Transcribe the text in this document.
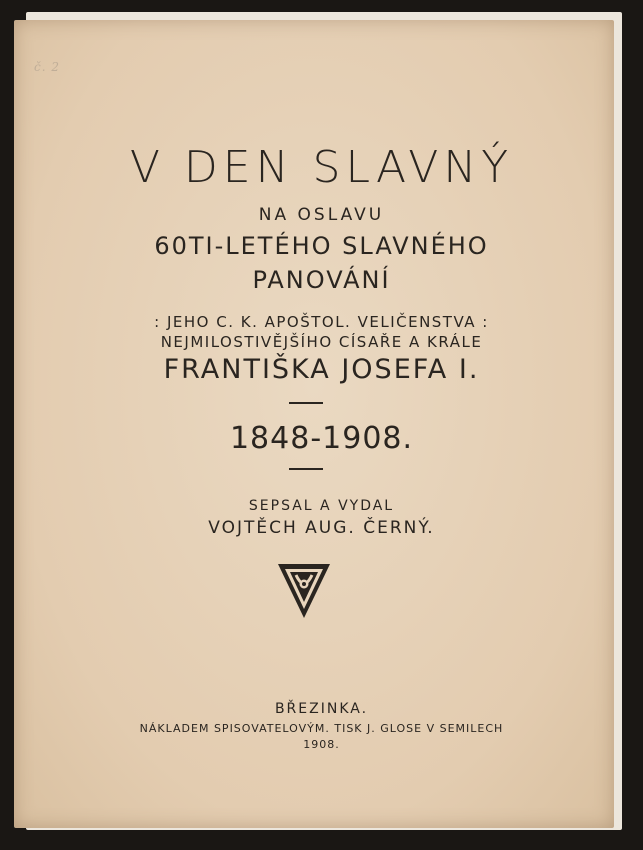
č. 2
V DEN SLAVNÝ
NA OSLAVU
60TI-LETÉHO SLAVNÉHO
PANOVÁNÍ
: JEHO C. K. APOŠTOL. VELIČENSTVA :
NEJMILOSTIVĚJŠÍHO CÍSAŘE A KRÁLE
FRANTIŠKA JOSEFA I.
1848-1908.
SEPSAL A VYDAL
VOJTĚCH AUG. ČERNÝ.
BŘEZINKA.
NÁKLADEM SPISOVATELOVÝM. TISK J. GLOSE V SEMILECH
1908.
